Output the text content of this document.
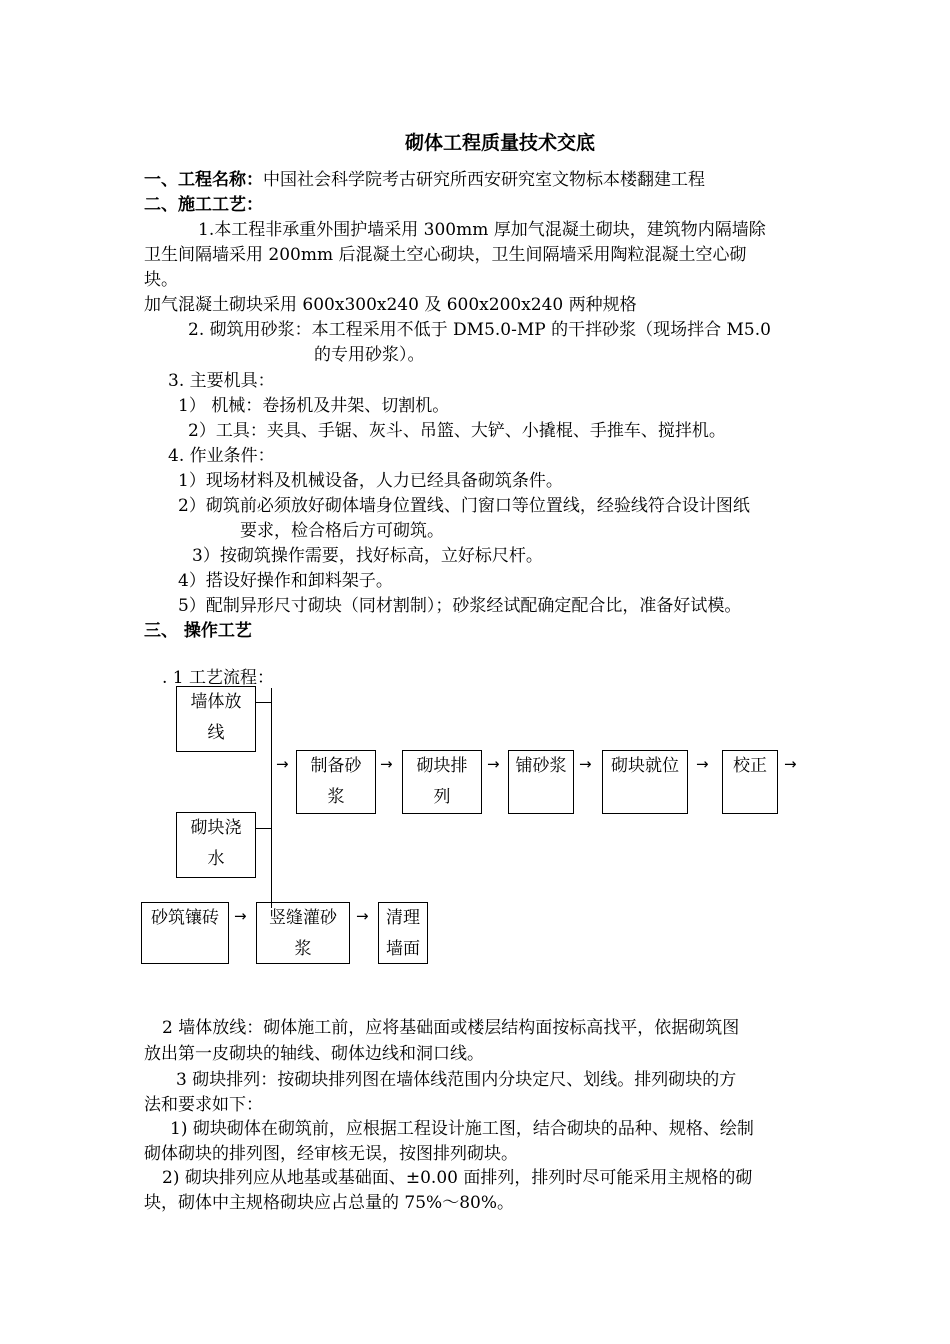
砌体工程质量技术交底
一、工程名称：中国社会科学院考古研究所西安研究室文物标本楼翻建工程
二、施工工艺：
1.本工程非承重外围护墙采用 300mm 厚加气混凝土砌块，建筑物内隔墙除
卫生间隔墙采用 200mm 后混凝土空心砌块，卫生间隔墙采用陶粒混凝土空心砌
块。
加气混凝土砌块采用 600x300x240 及 600x200x240 两种规格
2. 砌筑用砂浆：本工程采用不低于 DM5.0-MP 的干拌砂浆（现场拌合 M5.0
的专用砂浆）。
3. 主要机具：
1） 机械：卷扬机及井架、切割机。
2）工具：夹具、手锯、灰斗、吊篮、大铲、小撬棍、手推车、搅拌机。
4. 作业条件：
1）现场材料及机械设备，人力已经具备砌筑条件。
2）砌筑前必须放好砌体墙身位置线、门窗口等位置线，经验线符合设计图纸
要求，检合格后方可砌筑。
3）按砌筑操作需要，找好标高，立好标尺杆。
4）搭设好操作和卸料架子。
5）配制异形尺寸砌块（同材割制）；砂浆经试配确定配合比，准备好试模。
三、 操作工艺
. 1 工艺流程：
墙体放
线
砌块浇
水
→	制备砂
浆
→	砌块排
列
→ 铺砂浆 →	砌块就位	→	校正	→
砂筑镶砖	→	竖缝灌砂
浆
→	清理
墙面
2 墙体放线：砌体施工前，应将基础面或楼层结构面按标高找平，依据砌筑图
放出第一皮砌块的轴线、砌体边线和洞口线。
3 砌块排列：按砌块排列图在墙体线范围内分块定尺、划线。排列砌块的方
法和要求如下：
1) 砌块砌体在砌筑前，应根据工程设计施工图，结合砌块的品种、规格、绘制
砌体砌块的排列图，经审核无误，按图排列砌块。
2) 砌块排列应从地基或基础面、±0.00 面排列，排列时尽可能采用主规格的砌
块，砌体中主规格砌块应占总量的 75%～80%。
